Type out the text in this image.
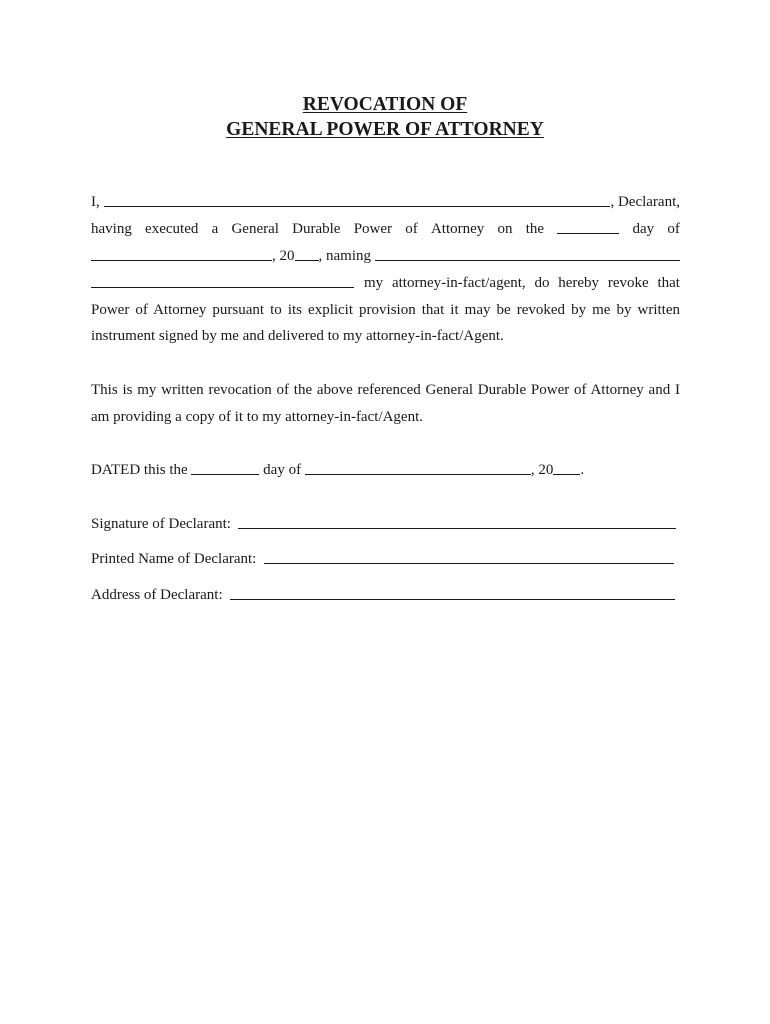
REVOCATION OF
GENERAL POWER OF ATTORNEY
I,
	, Declarant,
having executed a General Durable Power of Attorney on the	day of
, 20 , naming

my attorney-in-fact/agent, do hereby revoke that
Power of Attorney pursuant to its explicit provision that it may be revoked by me by written
instrument signed by me and delivered to my attorney-in-fact/Agent.
This is my written revocation of the above referenced General Durable Power of Attorney and I
am providing a copy of it to my attorney-in-fact/Agent.
DATED this the

	day of
	, 20 .
Signature of Declarant:

Printed Name of Declarant:

Address of Declarant:
